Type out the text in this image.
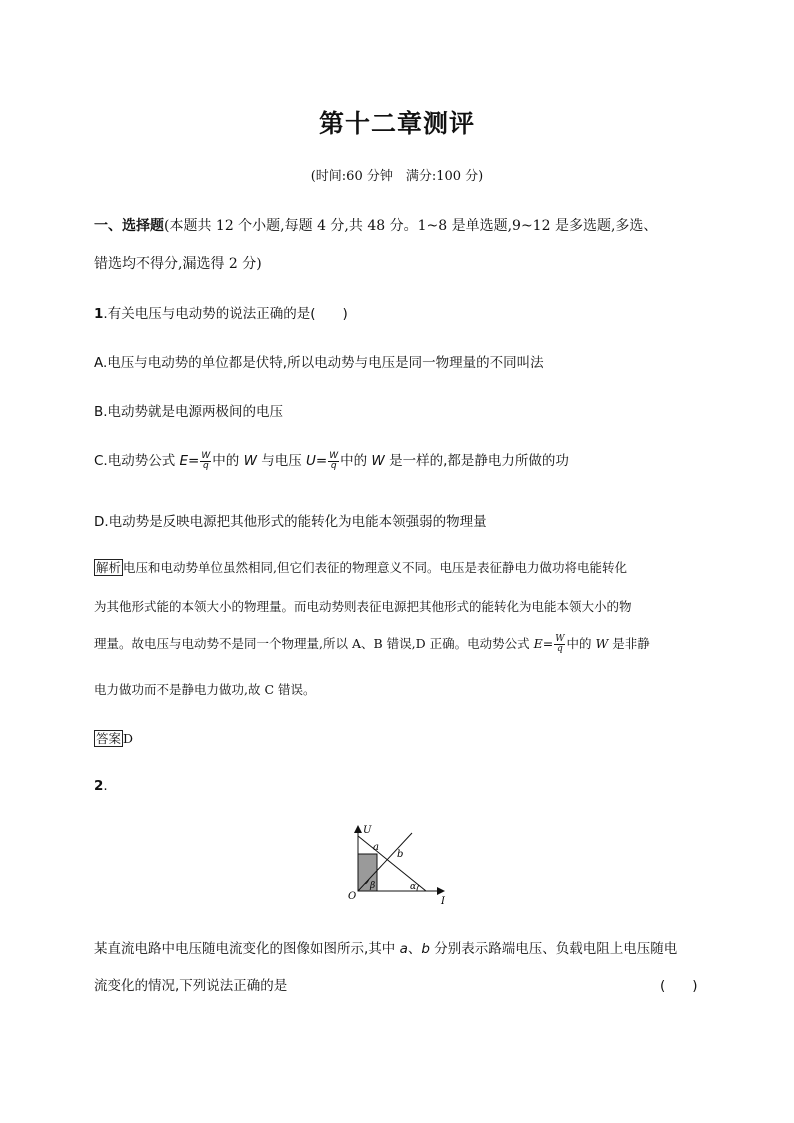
第十二章测评
(时间:60 分钟　满分:100 分)
一、选择题(本题共 12 个小题,每题 4 分,共 48 分。1~8 是单选题,9~12 是多选题,多选、
错选均不得分,漏选得 2 分)
1.有关电压与电动势的说法正确的是(　　)
A.电压与电动势的单位都是伏特,所以电动势与电压是同一物理量的不同叫法
B.电动势就是电源两极间的电压
C.电动势公式 $E= \frac{W}{q}$ 中的 W 与电压 $U= \frac{W}{q}$ 中的 W 是一样的,都是静电力所做的功
D.电动势是反映电源把其他形式的能转化为电能本领强弱的物理量
解析 电压和电动势单位虽然相同,但它们表征的物理意义不同。电压是表征静电力做功将电能转化
为其他形式能的本领大小的物理量。而电动势则表征电源把其他形式的能转化为电能本领大小的物
理量。故电压与电动势不是同一个物理量,所以 A、B 错误,D 正确。电动势公式 $E= \frac{W}{q}$ 中的 W 是非静
电力做功而不是静电力做功,故 C 错误。
答案 D
2.
U
I
O
a
b
α
β
某直流电路中电压随电流变化的图像如图所示,其中 a、b 分别表示路端电压、负载电阻上电压随电
流变化的情况,下列说法正确的是	(　　)
